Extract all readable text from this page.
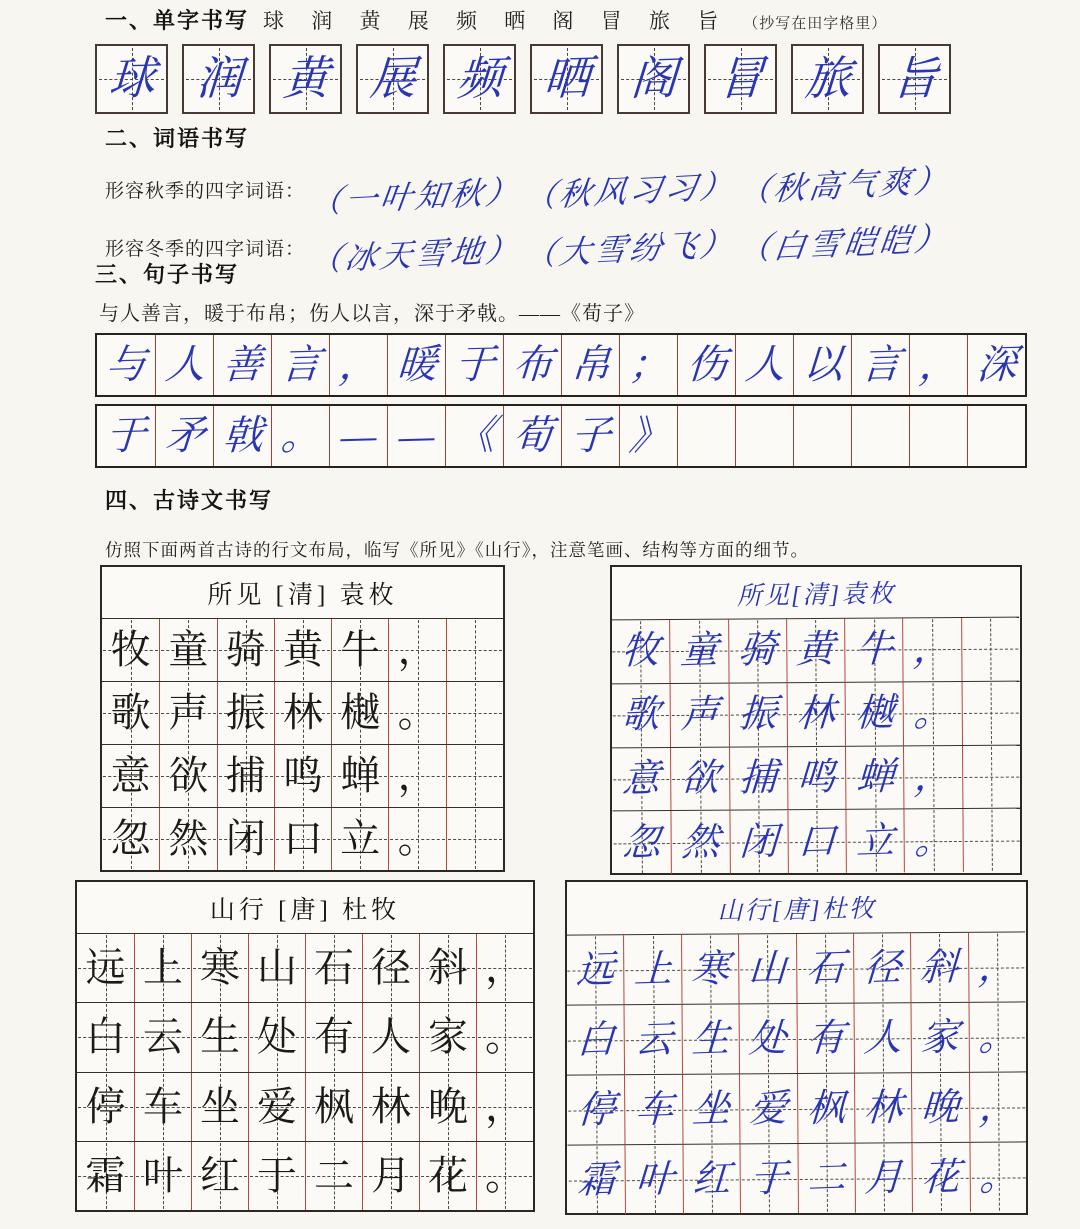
一、单字书写 球 润 黄 展 频 晒 阁 冒 旅 旨 （抄写在田字格里）
球 润 黄 展 频 晒 阁 冒 旅 旨
二、词语书写
形容秋季的四字词语： （一叶知秋）（秋风习习）（秋高气爽）
形容冬季的四字词语： （冰天雪地）（大雪纷飞）（白雪皑皑）
三、句子书写
与人善言，暖于布帛；伤人以言，深于矛戟。——《荀子》
与 人 善 言 ， 暖 于 布 帛 ； 伤 人 以 言 ， 深
于 矛 戟 。 — — 《 荀 子 》
四、古诗文书写
仿照下面两首古诗的行文布局，临写《所见》《山行》，注意笔画、结构等方面的细节。
所见 [清] 袁枚
牧 童 骑 黄 牛 ，
歌 声 振 林 樾 。
意 欲 捕 鸣 蝉 ，
忽 然 闭 口 立 。
所见[清]袁枚
牧 童 骑 黄 牛 ，
歌 声 振 林 樾 。
意 欲 捕 鸣 蝉 ，
忽 然 闭 口 立 。
山行 [唐] 杜牧
远 上 寒 山 石 径 斜 ，
白 云 生 处 有 人 家 。
停 车 坐 爱 枫 林 晚 ，
霜 叶 红 于 二 月 花 。
山行[唐]杜牧
远 上 寒 山 石 径 斜 ，
白 云 生 处 有 人 家 。
停 车 坐 爱 枫 林 晚 ，
霜 叶 红 于 二 月 花 。
